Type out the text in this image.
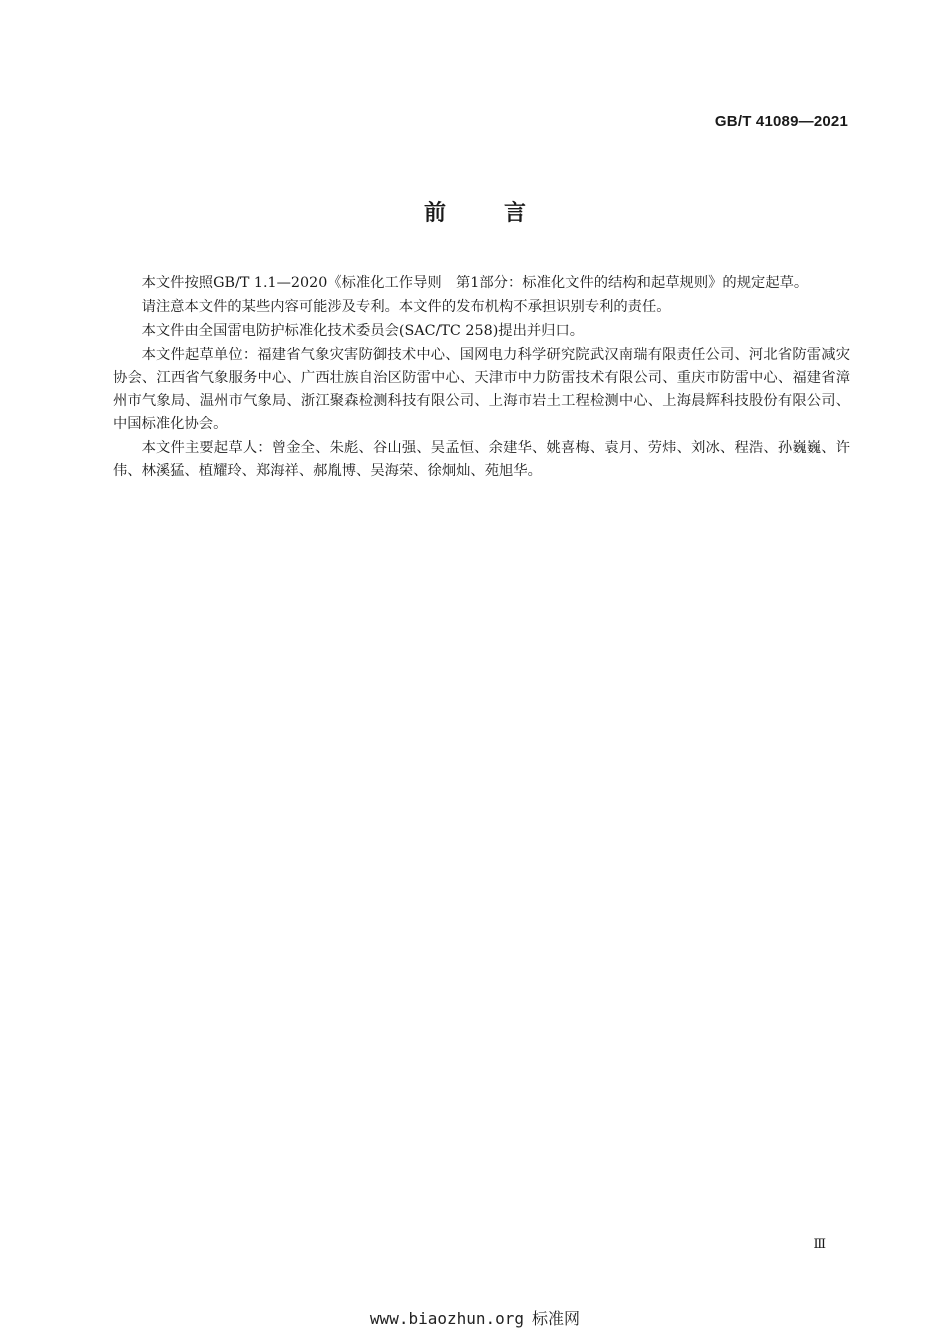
GB/T 41089—2021
前言

本文件按照GB/T 1.1—2020《标准化工作导则　第1部分：标准化文件的结构和起草规则》的规定起草。

请注意本文件的某些内容可能涉及专利。本文件的发布机构不承担识别专利的责任。

本文件由全国雷电防护标准化技术委员会(SAC/TC 258)提出并归口。

本文件起草单位：福建省气象灾害防御技术中心、国网电力科学研究院武汉南瑞有限责任公司、河北省防雷减灾协会、江西省气象服务中心、广西壮族自治区防雷中心、天津市中力防雷技术有限公司、重庆市防雷中心、福建省漳州市气象局、温州市气象局、浙江聚森检测科技有限公司、上海市岩土工程检测中心、上海晨辉科技股份有限公司、中国标准化协会。

本文件主要起草人：曾金全、朱彪、谷山强、吴孟恒、余建华、姚喜梅、袁月、劳炜、刘冰、程浩、孙巍巍、许伟、林溪猛、植耀玲、郑海祥、郝胤博、吴海荣、徐炯灿、苑旭华。

Ⅲ
www.biaozhun.org 标准网
